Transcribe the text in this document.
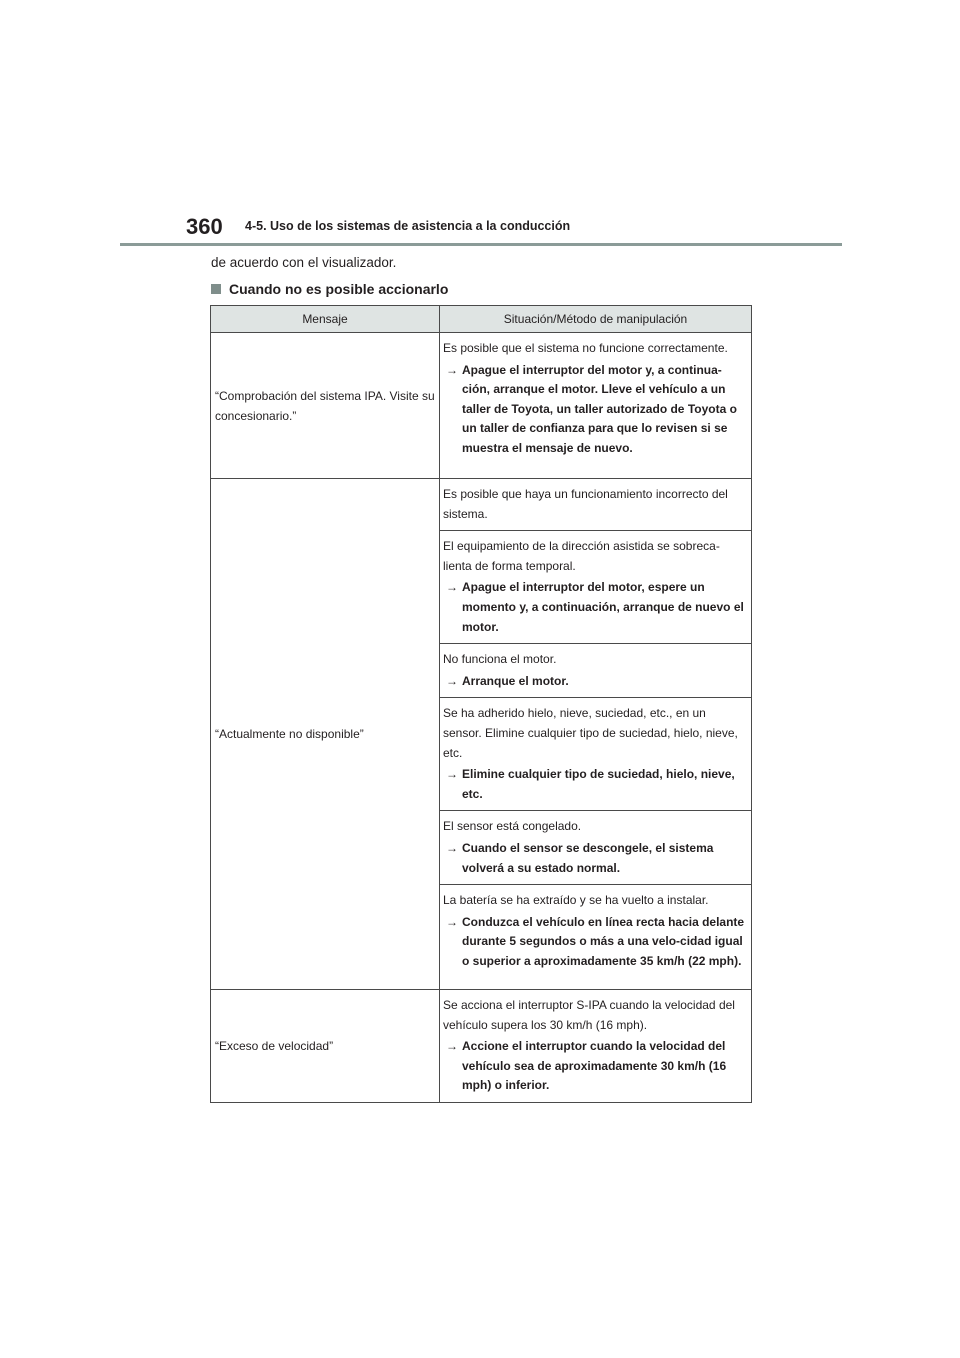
360 4-5. Uso de los sistemas de asistencia a la conducción
de acuerdo con el visualizador.
Cuando no es posible accionarlo
Mensaje	Situación/Método de manipulación
“Comprobación del sistema IPA. Visite su concesionario.”	Es posible que el sistema no funcione correctamente.
→ Apague el interruptor del motor y, a continua-ción, arranque el motor. Lleve el vehículo a un taller de Toyota, un taller autorizado de Toyota o un taller de confianza para que lo revisen si se muestra el mensaje de nuevo.

“Actualmente no disponible”	Es posible que haya un funcionamiento incorrecto del sistema.

	El equipamiento de la dirección asistida se sobreca-lienta de forma temporal.
→ Apague el interruptor del motor, espere un momento y, a continuación, arranque de nuevo el motor.

	No funciona el motor.
→ Arranque el motor.

	Se ha adherido hielo, nieve, suciedad, etc., en un sensor. Elimine cualquier tipo de suciedad, hielo, nieve, etc.
→ Elimine cualquier tipo de suciedad, hielo, nieve, etc.

	El sensor está congelado.
→ Cuando el sensor se descongele, el sistema volverá a su estado normal.

	La batería se ha extraído y se ha vuelto a instalar.
→ Conduzca el vehículo en línea recta hacia delante durante 5 segundos o más a una velo-cidad igual o superior a aproximadamente 35 km/h (22 mph).

“Exceso de velocidad”	Se acciona el interruptor S-IPA cuando la velocidad del vehículo supera los 30 km/h (16 mph).
→ Accione el interruptor cuando la velocidad del vehículo sea de aproximadamente 30 km/h (16 mph) o inferior.
